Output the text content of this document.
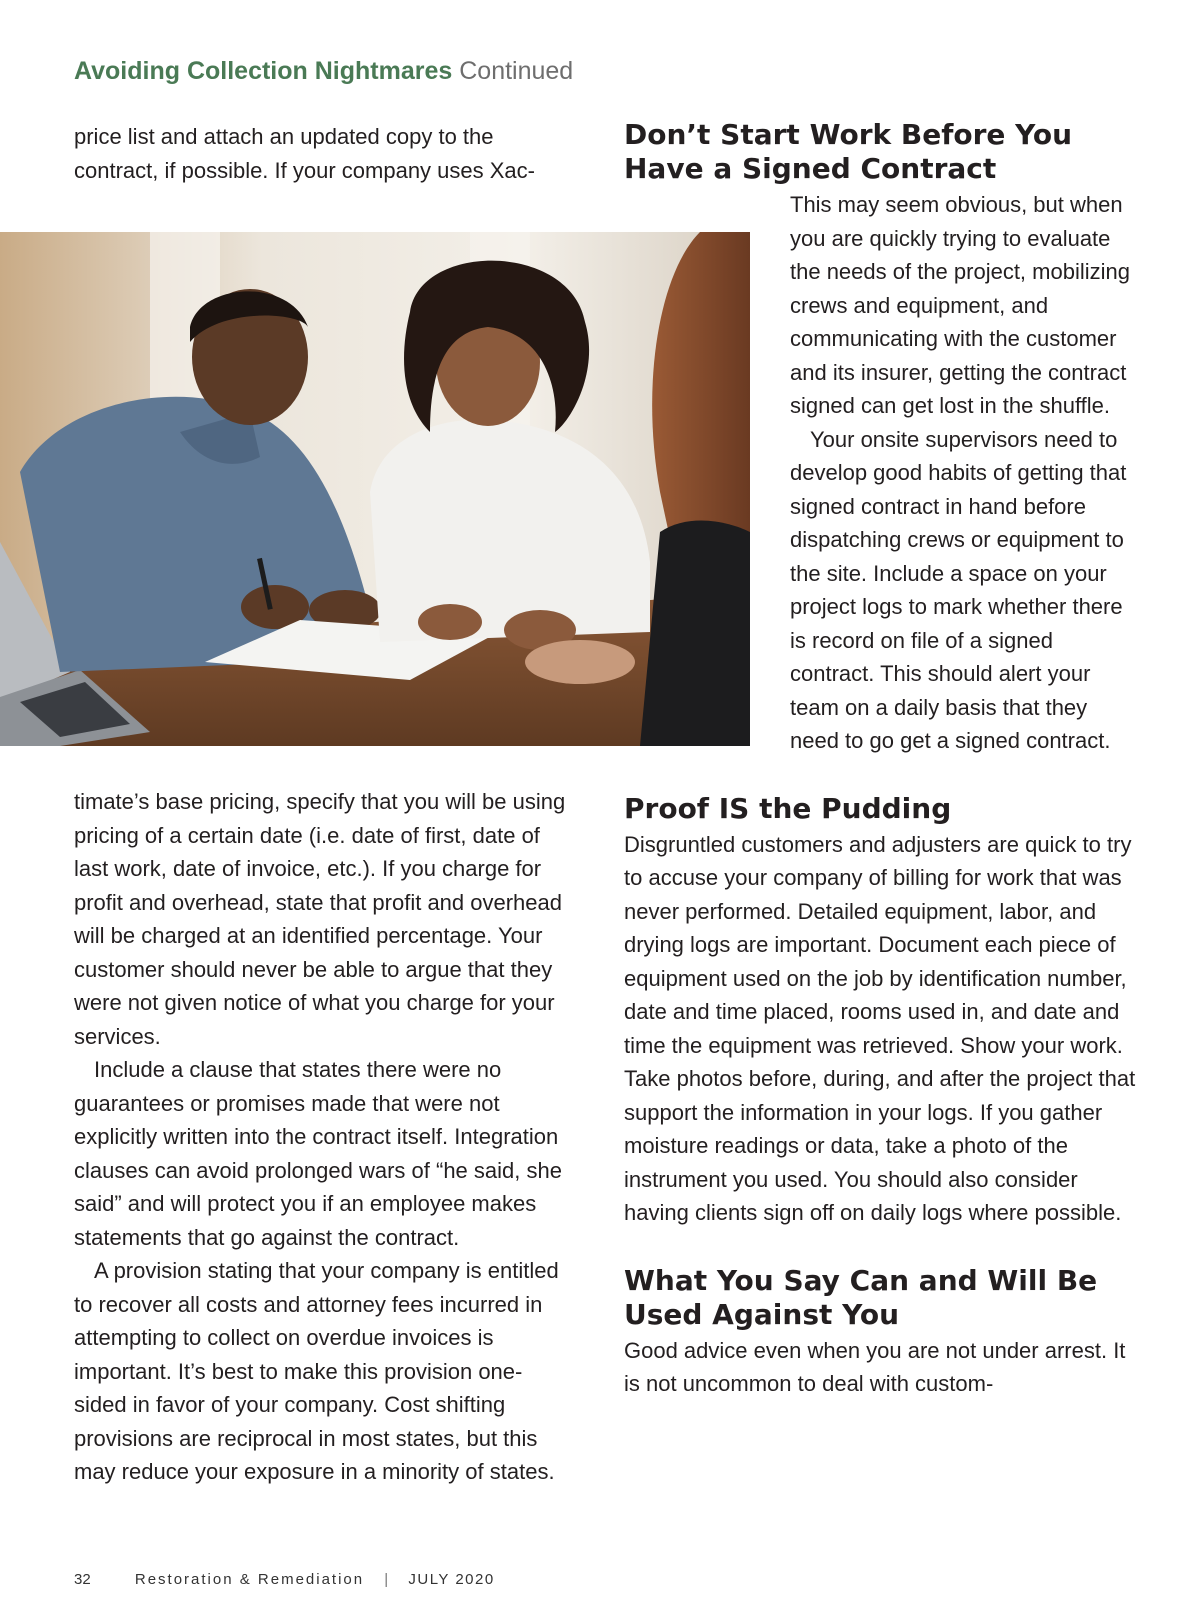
Avoiding Collection Nightmares Continued

price list and attach an updated copy to the contract, if possible. If your company uses Xac-

timate’s base pricing, specify that you will be using pricing of a certain date (i.e. date of first, date of last work, date of invoice, etc.). If you charge for profit and overhead, state that profit and overhead will be charged at an identified percentage. Your customer should never be able to argue that they were not given notice of what you charge for your services.

Include a clause that states there were no guarantees or promises made that were not explicitly written into the contract itself. Integration clauses can avoid prolonged wars of “he said, she said” and will protect you if an employee makes statements that go against the contract.

A provision stating that your company is entitled to recover all costs and attorney fees incurred in attempting to collect on overdue invoices is important. It’s best to make this provision one-sided in favor of your company. Cost shifting provisions are reciprocal in most states, but this may reduce your exposure in a minority of states.

Don’t Start Work Before You Have a Signed Contract

This may seem obvious, but when you are quickly trying to evaluate the needs of the project, mobilizing crews and equipment, and communicating with the customer and its insurer, getting the contract signed can get lost in the shuffle.

Your onsite supervisors need to develop good habits of getting that signed contract in hand before dispatching crews or equipment to the site. Include a space on your project logs to mark whether there is record on file of a signed contract. This should alert your team on a daily basis that they need to go get a signed contract.

Proof IS the Pudding

Disgruntled customers and adjusters are quick to try to accuse your company of billing for work that was never performed. Detailed equipment, labor, and drying logs are important. Document each piece of equipment used on the job by identification number, date and time placed, rooms used in, and date and time the equipment was retrieved. Show your work. Take photos before, during, and after the project that support the information in your logs. If you gather moisture readings or data, take a photo of the instrument you used. You should also consider having clients sign off on daily logs where possible.

What You Say Can and Will Be Used Against You

Good advice even when you are not under arrest. It is not uncommon to deal with custom-

32	Restoration & Remediation | JULY 2020
